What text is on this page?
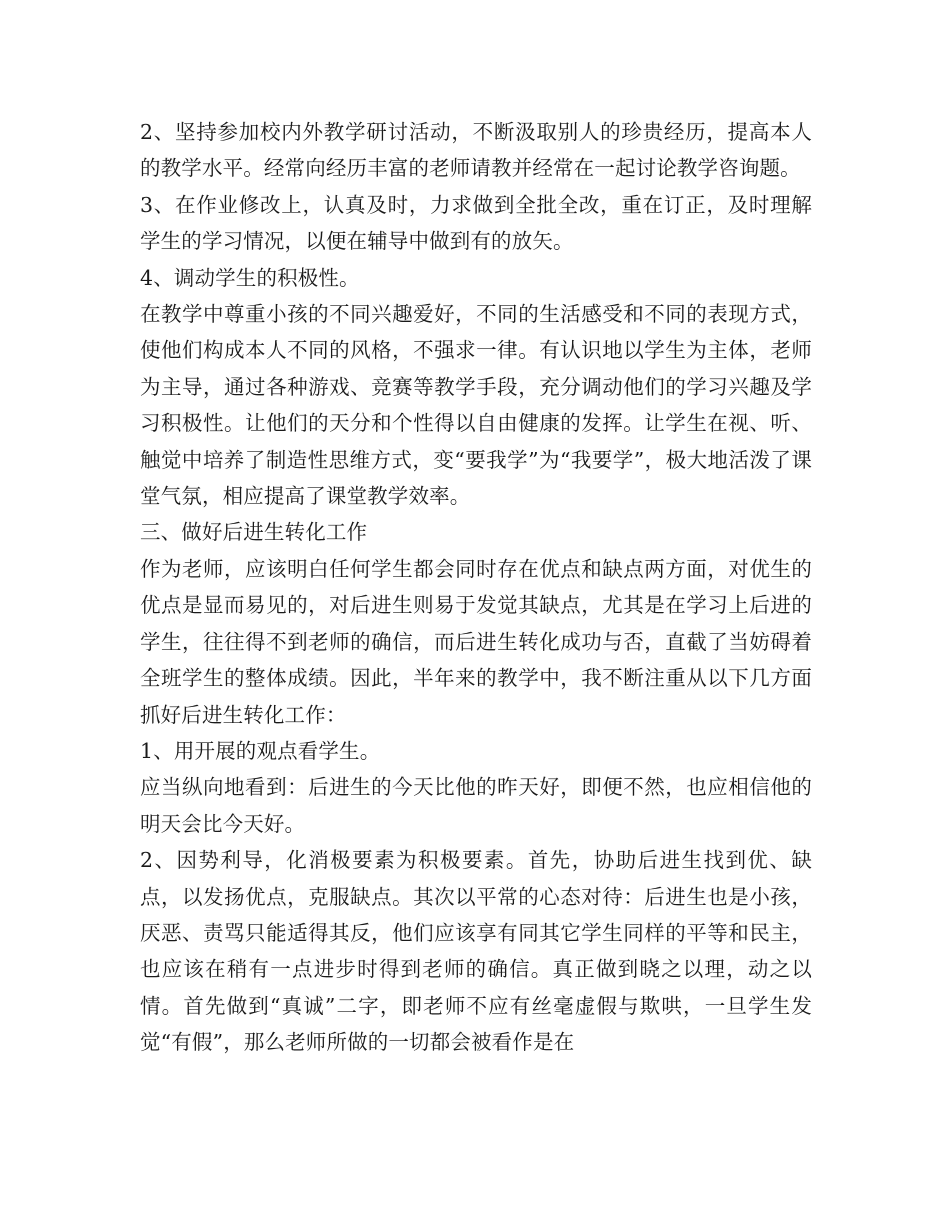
2、坚持参加校内外教学研讨活动，不断汲取别人的珍贵经历，提高本人的教学水平。经常向经历丰富的老师请教并经常在一起讨论教学咨询题。

3、在作业修改上，认真及时，力求做到全批全改，重在订正，及时理解学生的学习情况，以便在辅导中做到有的放矢。

4、调动学生的积极性。

在教学中尊重小孩的不同兴趣爱好，不同的生活感受和不同的表现方式，使他们构成本人不同的风格，不强求一律。有认识地以学生为主体，老师为主导，通过各种游戏、竞赛等教学手段，充分调动他们的学习兴趣及学习积极性。让他们的天分和个性得以自由健康的发挥。让学生在视、听、触觉中培养了制造性思维方式，变“要我学”为“我要学”，极大地活泼了课堂气氛，相应提高了课堂教学效率。

三、做好后进生转化工作

作为老师，应该明白任何学生都会同时存在优点和缺点两方面，对优生的优点是显而易见的，对后进生则易于发觉其缺点，尤其是在学习上后进的学生，往往得不到老师的确信，而后进生转化成功与否，直截了当妨碍着全班学生的整体成绩。因此，半年来的教学中，我不断注重从以下几方面抓好后进生转化工作：

1、用开展的观点看学生。

应当纵向地看到：后进生的今天比他的昨天好，即便不然，也应相信他的明天会比今天好。

2、因势利导，化消极要素为积极要素。首先，协助后进生找到优、缺点，以发扬优点，克服缺点。其次以平常的心态对待：后进生也是小孩，厌恶、责骂只能适得其反，他们应该享有同其它学生同样的平等和民主，也应该在稍有一点进步时得到老师的确信。真正做到晓之以理，动之以情。首先做到“真诚”二字，即老师不应有丝毫虚假与欺哄，一旦学生发觉“有假”，那么老师所做的一切都会被看作是在
